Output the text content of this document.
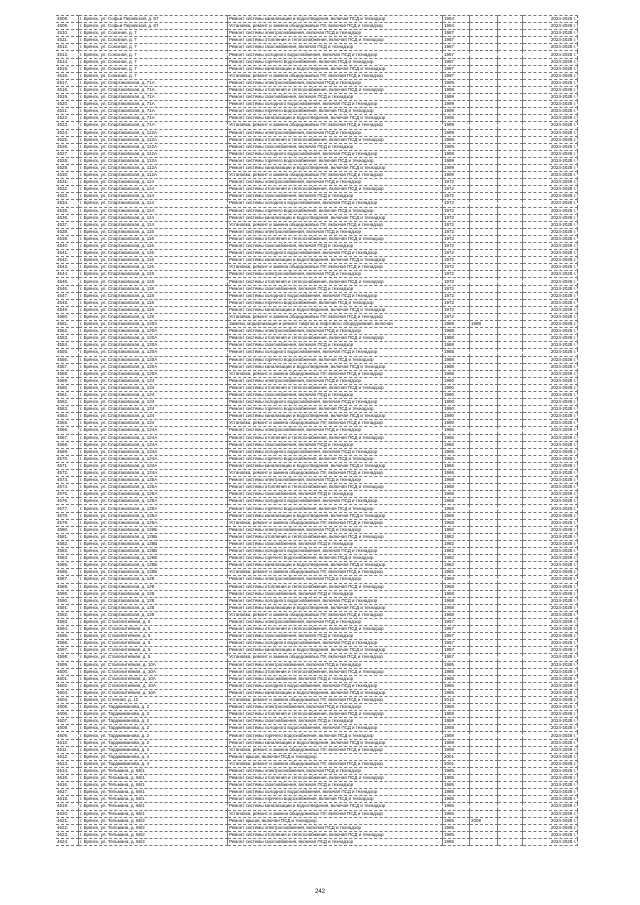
4508.	г. Брянск, ул. Софьи Перовской, д. 67	Ремонт системы канализации и водоотведения, включая ПСД и технадзор	1994			2024-2028 г.
4509.	г. Брянск, ул. Софьи Перовской, д. 67	Установка, ремонт и замена общедомовых ПУ, включая ПСД и технадзор	1994			2024-2028 г.
4510.	г. Брянск, ул. Союзная, д. 7	Ремонт системы электроснабжения, включая ПСД и технадзор	1987			2024-2028 г.
4511.	г. Брянск, ул. Союзная, д. 7	Ремонт системы отопления и теплоснабжения, включая ПСД и технадзор	1987			2024-2028 г.
4512.	г. Брянск, ул. Союзная, д. 7	Ремонт системы газоснабжения, включая ПСД и технадзор	1987			2024-2028 г.
4513.	г. Брянск, ул. Союзная, д. 7	Ремонт системы холодного водоснабжения, включая ПСД и технадзор	1987			2024-2028 г.
4514.	г. Брянск, ул. Союзная, д. 7	Ремонт системы горячего водоснабжения, включая ПСД и технадзор	1987			2024-2028 г.
4515.	г. Брянск, ул. Союзная, д. 7	Ремонт системы канализации и водоотведения, включая ПСД и технадзор	1987			2024-2028 г.
4516.	г. Брянск, ул. Союзная, д. 7	Установка, ремонт и замена общедомовых ПУ, включая ПСД и технадзор	1987			2024-2028 г.
4517.	г. Брянск, ул. Спартаковская, д. 71А	Ремонт системы электроснабжения, включая ПСД и технадзор	1999			2024-2028 г.
4518.	г. Брянск, ул. Спартаковская, д. 71А	Ремонт системы отопления и теплоснабжения, включая ПСД и технадзор	1999			2024-2028 г.
4519.	г. Брянск, ул. Спартаковская, д. 71А	Ремонт системы газоснабжения, включая ПСД и технадзор	1999			2024-2028 г.
4520.	г. Брянск, ул. Спартаковская, д. 71А	Ремонт системы холодного водоснабжения, включая ПСД и технадзор	1999			2024-2028 г.
4521.	г. Брянск, ул. Спартаковская, д. 71А	Ремонт системы горячего водоснабжения, включая ПСД и технадзор	1999			2024-2028 г.
4522.	г. Брянск, ул. Спартаковская, д. 71А	Ремонт системы канализации и водоотведения, включая ПСД и технадзор	1999			2024-2028 г.
4523.	г. Брянск, ул. Спартаковская, д. 71А	Установка, ремонт и замена общедомовых ПУ, включая ПСД и технадзор	1999			2024-2028 г.
4524.	г. Брянск, ул. Спартаковская, д. 112А	Ремонт системы электроснабжения, включая ПСД и технадзор	1999			2024-2028 г.
4525.	г. Брянск, ул. Спартаковская, д. 112А	Ремонт системы отопления и теплоснабжения, включая ПСД и технадзор	1999			2024-2028 г.
4526.	г. Брянск, ул. Спартаковская, д. 112А	Ремонт системы газоснабжения, включая ПСД и технадзор	1999			2024-2028 г.
4527.	г. Брянск, ул. Спартаковская, д. 112А	Ремонт системы холодного водоснабжения, включая ПСД и технадзор	1999			2024-2028 г.
4528.	г. Брянск, ул. Спартаковская, д. 112А	Ремонт системы горячего водоснабжения, включая ПСД и технадзор	1999			2024-2028 г.
4529.	г. Брянск, ул. Спартаковская, д. 112А	Ремонт системы канализации и водоотведения, включая ПСД и технадзор	1999			2024-2028 г.
4530.	г. Брянск, ул. Спартаковская, д. 112А	Установка, ремонт и замена общедомовых ПУ, включая ПСД и технадзор	1999			2024-2028 г.
4531.	г. Брянск, ул. Спартаковская, д. 114	Ремонт системы электроснабжения, включая ПСД и технадзор	1972			2024-2028 г.
4532.	г. Брянск, ул. Спартаковская, д. 114	Ремонт системы отопления и теплоснабжения, включая ПСД и технадзор	1972			2024-2028 г.
4533.	г. Брянск, ул. Спартаковская, д. 114	Ремонт системы газоснабжения, включая ПСД и технадзор	1972			2024-2028 г.
4534.	г. Брянск, ул. Спартаковская, д. 114	Ремонт системы холодного водоснабжения, включая ПСД и технадзор	1972			2024-2028 г.
4535.	г. Брянск, ул. Спартаковская, д. 114	Ремонт системы горячего водоснабжения, включая ПСД и технадзор	1972			2024-2028 г.
4536.	г. Брянск, ул. Спартаковская, д. 114	Ремонт системы канализации и водоотведения, включая ПСД и технадзор	1972			2024-2028 г.
4537.	г. Брянск, ул. Спартаковская, д. 114	Установка, ремонт и замена общедомовых ПУ, включая ПСД и технадзор	1972			2024-2028 г.
4538.	г. Брянск, ул. Спартаковская, д. 116	Ремонт системы электроснабжения, включая ПСД и технадзор	1972			2024-2028 г.
4539.	г. Брянск, ул. Спартаковская, д. 116	Ремонт системы отопления и теплоснабжения, включая ПСД и технадзор	1972			2024-2028 г.
4540.	г. Брянск, ул. Спартаковская, д. 116	Ремонт системы газоснабжения, включая ПСД и технадзор	1972			2024-2028 г.
4541.	г. Брянск, ул. Спартаковская, д. 116	Ремонт системы холодного водоснабжения, включая ПСД и технадзор	1972			2024-2028 г.
4542.	г. Брянск, ул. Спартаковская, д. 116	Ремонт системы канализации и водоотведения, включая ПСД и технадзор	1972			2024-2028 г.
4543.	г. Брянск, ул. Спартаковская, д. 116	Установка, ремонт и замена общедомовых ПУ, включая ПСД и технадзор	1972			2024-2028 г.
4544.	г. Брянск, ул. Спартаковская, д. 118	Ремонт системы электроснабжения, включая ПСД и технадзор	1972			2024-2028 г.
4545.	г. Брянск, ул. Спартаковская, д. 118	Ремонт системы отопления и теплоснабжения, включая ПСД и технадзор	1972			2024-2028 г.
4546.	г. Брянск, ул. Спартаковская, д. 118	Ремонт системы газоснабжения, включая ПСД и технадзор	1972			2024-2028 г.
4547.	г. Брянск, ул. Спартаковская, д. 118	Ремонт системы холодного водоснабжения, включая ПСД и технадзор	1972			2024-2028 г.
4548.	г. Брянск, ул. Спартаковская, д. 118	Ремонт системы горячего водоснабжения, включая ПСД и технадзор	1972			2024-2028 г.
4549.	г. Брянск, ул. Спартаковская, д. 118	Ремонт системы канализации и водоотведения, включая ПСД и технадзор	1972			2024-2028 г.
4550.	г. Брянск, ул. Спартаковская, д. 118	Установка, ремонт и замена общедомовых ПУ, включая ПСД и технадзор	1972			2024-2028 г.
4551.	г. Брянск, ул. Спартаковская, д. 120А	Замена, модернизация и ремонт лифтов и лифтового оборудования, включая	1988	1988		2024-2028 г.
4552.	г. Брянск, ул. Спартаковская, д. 120А	Ремонт системы электроснабжения, включая ПСД и технадзор	1988			2024-2028 г.
4553.	г. Брянск, ул. Спартаковская, д. 120А	Ремонт системы отопления и теплоснабжения, включая ПСД и технадзор	1988			2024-2028 г.
4554.	г. Брянск, ул. Спартаковская, д. 120А	Ремонт системы газоснабжения, включая ПСД и технадзор	1988			2024-2028 г.
4555.	г. Брянск, ул. Спартаковская, д. 120А	Ремонт системы холодного водоснабжения, включая ПСД и технадзор	1988			2024-2028 г.
4556.	г. Брянск, ул. Спартаковская, д. 120А	Ремонт системы горячего водоснабжения, включая ПСД и технадзор	1988			2024-2028 г.
4557.	г. Брянск, ул. Спартаковская, д. 120А	Ремонт системы канализации и водоотведения, включая ПСД и технадзор	1988			2024-2028 г.
4558.	г. Брянск, ул. Спартаковская, д. 120А	Установка, ремонт и замена общедомовых ПУ, включая ПСД и технадзор	1988			2024-2028 г.
4559.	г. Брянск, ул. Спартаковская, д. 124	Ремонт системы электроснабжения, включая ПСД и технадзор	1990			2024-2028 г.
4560.	г. Брянск, ул. Спартаковская, д. 124	Ремонт системы отопления и теплоснабжения, включая ПСД и технадзор	1990			2024-2028 г.
4561.	г. Брянск, ул. Спартаковская, д. 124	Ремонт системы газоснабжения, включая ПСД и технадзор	1990			2024-2028 г.
4562.	г. Брянск, ул. Спартаковская, д. 124	Ремонт системы холодного водоснабжения, включая ПСД и технадзор	1990			2024-2028 г.
4563.	г. Брянск, ул. Спартаковская, д. 124	Ремонт системы горячего водоснабжения, включая ПСД и технадзор	1990			2024-2028 г.
4564.	г. Брянск, ул. Спартаковская, д. 124	Ремонт системы канализации и водоотведения, включая ПСД и технадзор	1990			2024-2028 г.
4565.	г. Брянск, ул. Спартаковская, д. 124	Установка, ремонт и замена общедомовых ПУ, включая ПСД и технадзор	1990			2024-2028 г.
4566.	г. Брянск, ул. Спартаковская, д. 124А	Ремонт системы электроснабжения, включая ПСД и технадзор	1966			2024-2028 г.
4567.	г. Брянск, ул. Спартаковская, д. 124А	Ремонт системы отопления и теплоснабжения, включая ПСД и технадзор	1966			2024-2028 г.
4568.	г. Брянск, ул. Спартаковская, д. 124А	Ремонт системы газоснабжения, включая ПСД и технадзор	1966			2024-2028 г.
4569.	г. Брянск, ул. Спартаковская, д. 124А	Ремонт системы холодного водоснабжения, включая ПСД и технадзор	1966			2024-2028 г.
4570.	г. Брянск, ул. Спартаковская, д. 124А	Ремонт системы горячего водоснабжения, включая ПСД и технадзор	1966			2024-2028 г.
4571.	г. Брянск, ул. Спартаковская, д. 124А	Ремонт системы канализации и водоотведения, включая ПСД и технадзор	1966			2024-2028 г.
4572.	г. Брянск, ул. Спартаковская, д. 124А	Установка, ремонт и замена общедомовых ПУ, включая ПСД и технадзор	1966			2024-2028 г.
4573.	г. Брянск, ул. Спартаковская, д. 125А	Ремонт системы электроснабжения, включая ПСД и технадзор	1968			2024-2028 г.
4574.	г. Брянск, ул. Спартаковская, д. 125А	Ремонт системы отопления и теплоснабжения, включая ПСД и технадзор	1968			2024-2028 г.
4575.	г. Брянск, ул. Спартаковская, д. 125А	Ремонт системы газоснабжения, включая ПСД и технадзор	1968			2024-2028 г.
4576.	г. Брянск, ул. Спартаковская, д. 125А	Ремонт системы холодного водоснабжения, включая ПСД и технадзор	1968			2024-2028 г.
4577.	г. Брянск, ул. Спартаковская, д. 125А	Ремонт системы горячего водоснабжения, включая ПСД и технадзор	1968			2024-2028 г.
4578.	г. Брянск, ул. Спартаковская, д. 125А	Ремонт системы канализации и водоотведения, включая ПСД и технадзор	1968			2024-2028 г.
4579.	г. Брянск, ул. Спартаковская, д. 125А	Установка, ремонт и замена общедомовых ПУ, включая ПСД и технадзор	1968			2024-2028 г.
4580.	г. Брянск, ул. Спартаковская, д. 126Б	Ремонт системы электроснабжения, включая ПСД и технадзор	1982			2024-2028 г.
4581.	г. Брянск, ул. Спартаковская, д. 126Б	Ремонт системы отопления и теплоснабжения, включая ПСД и технадзор	1982			2024-2028 г.
4582.	г. Брянск, ул. Спартаковская, д. 126Б	Ремонт системы газоснабжения, включая ПСД и технадзор	1982			2024-2028 г.
4583.	г. Брянск, ул. Спартаковская, д. 126Б	Ремонт системы холодного водоснабжения, включая ПСД и технадзор	1982			2024-2028 г.
4584.	г. Брянск, ул. Спартаковская, д. 126Б	Ремонт системы горячего водоснабжения, включая ПСД и технадзор	1982			2024-2028 г.
4585.	г. Брянск, ул. Спартаковская, д. 126Б	Ремонт системы канализации и водоотведения, включая ПСД и технадзор	1982			2024-2028 г.
4586.	г. Брянск, ул. Спартаковская, д. 126Б	Установка, ремонт и замена общедомовых ПУ, включая ПСД и технадзор	1982			2024-2028 г.
4587.	г. Брянск, ул. Спартаковская, д. 128	Ремонт системы электроснабжения, включая ПСД и технадзор	1968			2024-2028 г.
4588.	г. Брянск, ул. Спартаковская, д. 128	Ремонт системы отопления и теплоснабжения, включая ПСД и технадзор	1968			2024-2028 г.
4589.	г. Брянск, ул. Спартаковская, д. 128	Ремонт системы газоснабжения, включая ПСД и технадзор	1968			2024-2028 г.
4590.	г. Брянск, ул. Спартаковская, д. 128	Ремонт системы холодного водоснабжения, включая ПСД и технадзор	1968			2024-2028 г.
4591.	г. Брянск, ул. Спартаковская, д. 128	Ремонт системы канализации и водоотведения, включая ПСД и технадзор	1968			2024-2028 г.
4592.	г. Брянск, ул. Спартаковская, д. 128	Установка, ремонт и замена общедомовых ПУ, включая ПСД и технадзор	1968			2024-2028 г.
4593.	г. Брянск, ул. Сталелитейная, д. 5	Ремонт системы электроснабжения, включая ПСД и технадзор	1957			2024-2028 г.
4594.	г. Брянск, ул. Сталелитейная, д. 5	Ремонт системы отопления и теплоснабжения, включая ПСД и технадзор	1957			2024-2028 г.
4595.	г. Брянск, ул. Сталелитейная, д. 5	Ремонт системы газоснабжения, включая ПСД и технадзор	1957			2024-2028 г.
4596.	г. Брянск, ул. Сталелитейная, д. 5	Ремонт системы холодного водоснабжения, включая ПСД и технадзор	1957			2024-2028 г.
4597.	г. Брянск, ул. Сталелитейная, д. 5	Ремонт системы канализации и водоотведения, включая ПСД и технадзор	1957			2024-2028 г.
4598.	г. Брянск, ул. Сталелитейная, д. 5	Установка, ремонт и замена общедомовых ПУ, включая ПСД и технадзор	1957			2024-2028 г.
4599.	г. Брянск, ул. Сталелитейная, д. 10А	Ремонт системы электроснабжения, включая ПСД и технадзор	1985			2024-2028 г.
4600.	г. Брянск, ул. Сталелитейная, д. 10А	Ремонт системы отопления и теплоснабжения, включая ПСД и технадзор	1985			2024-2028 г.
4601.	г. Брянск, ул. Сталелитейная, д. 10А	Ремонт системы газоснабжения, включая ПСД и технадзор	1985			2024-2028 г.
4602.	г. Брянск, ул. Сталелитейная, д. 10А	Ремонт системы холодного водоснабжения, включая ПСД и технадзор	1985			2024-2028 г.
4603.	г. Брянск, ул. Сталелитейная, д. 10А	Ремонт системы канализации и водоотведения, включая ПСД и технадзор	1985			2024-2028 г.
4604.	г. Брянск, ул. Степная, д. 12	Установка, ремонт и замена общедомовых ПУ, включая ПСД и технадзор	2012			2024-2028 г.
4605.	г. Брянск, ул. Тарджиманова, д. 2	Ремонт системы электроснабжения, включая ПСД и технадзор	1959			2024-2028 г.
4606.	г. Брянск, ул. Тарджиманова, д. 2	Ремонт системы отопления и теплоснабжения, включая ПСД и технадзор	1959			2024-2028 г.
4607.	г. Брянск, ул. Тарджиманова, д. 2	Ремонт системы газоснабжения, включая ПСД и технадзор	1959			2024-2028 г.
4608.	г. Брянск, ул. Тарджиманова, д. 2	Ремонт системы холодного водоснабжения, включая ПСД и технадзор	1959			2024-2028 г.
4609.	г. Брянск, ул. Тарджиманова, д. 2	Ремонт системы горячего водоснабжения, включая ПСД и технадзор	1959			2024-2028 г.
4610.	г. Брянск, ул. Тарджиманова, д. 2	Ремонт системы канализации и водоотведения, включая ПСД и технадзор	1959			2024-2028 г.
4611.	г. Брянск, ул. Тарджиманова, д. 2	Установка, ремонт и замена общедомовых ПУ, включая ПСД и технадзор	1959			2024-2028 г.
4612.	г. Брянск, ул. Тарджиманова, д. 4	Ремонт крыши, включая ПСД и технадзор	2001			2024-2028 г.
4613.	г. Брянск, ул. Тарджиманова, д. 4	Установка, ремонт и замена общедомовых ПУ, включая ПСД и технадзор	2001			2024-2028 г.
4614.	г. Брянск, ул. Тельмана, д. 66/1	Ремонт системы электроснабжения, включая ПСД и технадзор	1985			2024-2028 г.
4615.	г. Брянск, ул. Тельмана, д. 66/1	Ремонт системы отопления и теплоснабжения, включая ПСД и технадзор	1985			2024-2028 г.
4616.	г. Брянск, ул. Тельмана, д. 66/1	Ремонт системы газоснабжения, включая ПСД и технадзор	1985			2024-2028 г.
4617.	г. Брянск, ул. Тельмана, д. 66/1	Ремонт системы холодного водоснабжения, включая ПСД и технадзор	1985			2024-2028 г.
4618.	г. Брянск, ул. Тельмана, д. 66/1	Ремонт системы горячего водоснабжения, включая ПСД и технадзор	1985			2024-2028 г.
4619.	г. Брянск, ул. Тельмана, д. 66/1	Ремонт системы канализации и водоотведения, включая ПСД и технадзор	1985			2024-2028 г.
4620.	г. Брянск, ул. Тельмана, д. 66/1	Установка, ремонт и замена общедомовых ПУ, включая ПСД и технадзор	1985			2024-2028 г.
4621.	г. Брянск, ул. Тельмана, д. 66/2	Ремонт крыши, включая ПСД и технадзор	1985	2008		2024-2028 г.
4622.	г. Брянск, ул. Тельмана, д. 66/2	Ремонт системы электроснабжения, включая ПСД и технадзор	1985			2024-2028 г.
4623.	г. Брянск, ул. Тельмана, д. 66/2	Ремонт системы отопления и теплоснабжения, включая ПСД и технадзор	1985			2024-2028 г.
4624.	г. Брянск, ул. Тельмана, д. 66/2	Ремонт системы газоснабжения, включая ПСД и технадзор	1985			2024-2028 г.
242
